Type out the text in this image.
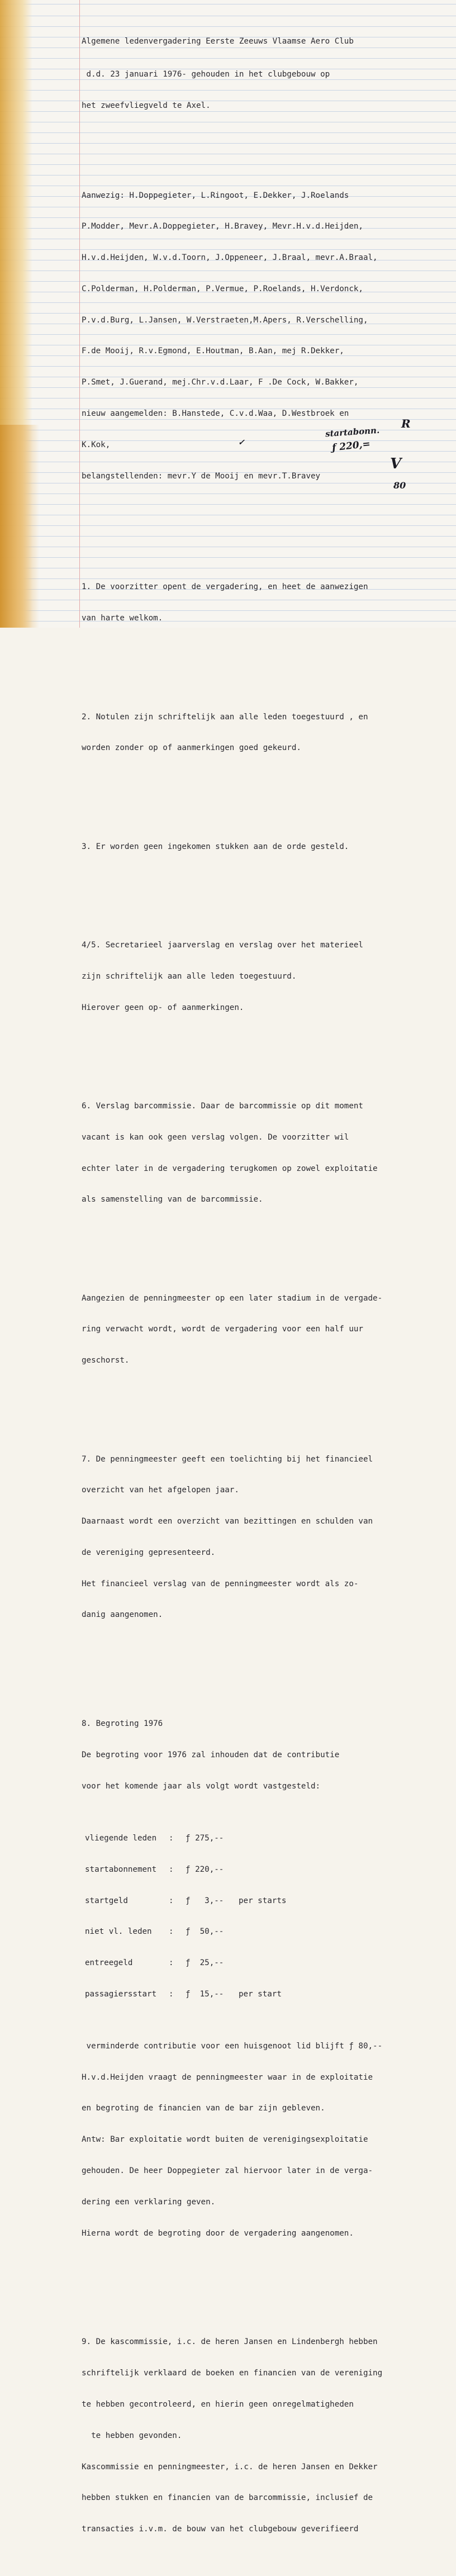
Algemene ledenvergadering Eerste Zeeuws Vlaamse Aero Club

d.d. 23 januari 1976- gehouden in het clubgebouw op

het zweefvliegveld te Axel.

Aanwezig: H.Doppegieter, L.Ringoot, E.Dekker, J.Roelands

P.Modder, Mevr.A.Doppegieter, H.Bravey, Mevr.H.v.d.Heijden,

H.v.d.Heijden, W.v.d.Toorn, J.Oppeneer, J.Braal, mevr.A.Braal,

C.Polderman, H.Polderman, P.Vermue, P.Roelands, H.Verdonck,

P.v.d.Burg, L.Jansen, W.Verstraeten,M.Apers, R.Verschelling,

F.de Mooij, R.v.Egmond, E.Houtman, B.Aan, mej R.Dekker,

P.Smet, J.Guerand, mej.Chr.v.d.Laar, F .De Cock, W.Bakker,

nieuw aangemelden: B.Hanstede, C.v.d.Waa, D.Westbroek en

K.Kok,

belangstellenden: mevr.Y de Mooij en mevr.T.Bravey

1. De voorzitter opent de vergadering, en heet de aanwezigen

van harte welkom.

2. Notulen zijn schriftelijk aan alle leden toegestuurd , en

worden zonder op of aanmerkingen goed gekeurd.

3. Er worden geen ingekomen stukken aan de orde gesteld.

4/5. Secretarieel jaarverslag en verslag over het materieel

zijn schriftelijk aan alle leden toegestuurd.

Hierover geen op- of aanmerkingen.

6. Verslag barcommissie. Daar de barcommissie op dit moment

vacant is kan ook geen verslag volgen. De voorzitter wil

echter later in de vergadering terugkomen op zowel exploitatie

als samenstelling van de barcommissie.

Aangezien de penningmeester op een later stadium in de vergade-

ring verwacht wordt, wordt de vergadering voor een half uur

geschorst.

7. De penningmeester geeft een toelichting bij het financieel

overzicht van het afgelopen jaar.

Daarnaast wordt een overzicht van bezittingen en schulden van

de vereniging gepresenteerd.

Het financieel verslag van de penningmeester wordt als zo-

danig aangenomen.

8. Begroting 1976

De begroting voor 1976 zal inhouden dat de contributie

voor het komende jaar als volgt wordt vastgesteld:

vliegende leden : ƒ 275,--

startabonnement : ƒ 220,--

startgeld	: ƒ   3,-- per starts

niet vl. leden : ƒ  50,--

entreegeld	: ƒ  25,--

passagiersstart : ƒ  15,-- per start

verminderde contributie voor een huisgenoot lid blijft ƒ 80,--

H.v.d.Heijden vraagt de penningmeester waar in de exploitatie

en begroting de financien van de bar zijn gebleven.

Antw: Bar exploitatie wordt buiten de verenigingsexploitatie

gehouden. De heer Doppegieter zal hiervoor later in de verga-

dering een verklaring geven.

Hierna wordt de begroting door de vergadering aangenomen.

9. De kascommissie, i.c. de heren Jansen en Lindenbergh hebben

schriftelijk verklaard de boeken en financien van de vereniging

te hebben gecontroleerd, en hierin geen onregelmatigheden

te hebben gevonden.

Kascommissie en penningmeester, i.c. de heren Jansen en Dekker

hebben stukken en financien van de barcommissie, inclusief de

transacties i.v.m. de bouw van het clubgebouw geverifieerd

startabonn.
ƒ 220,=
R
V
✓
80
